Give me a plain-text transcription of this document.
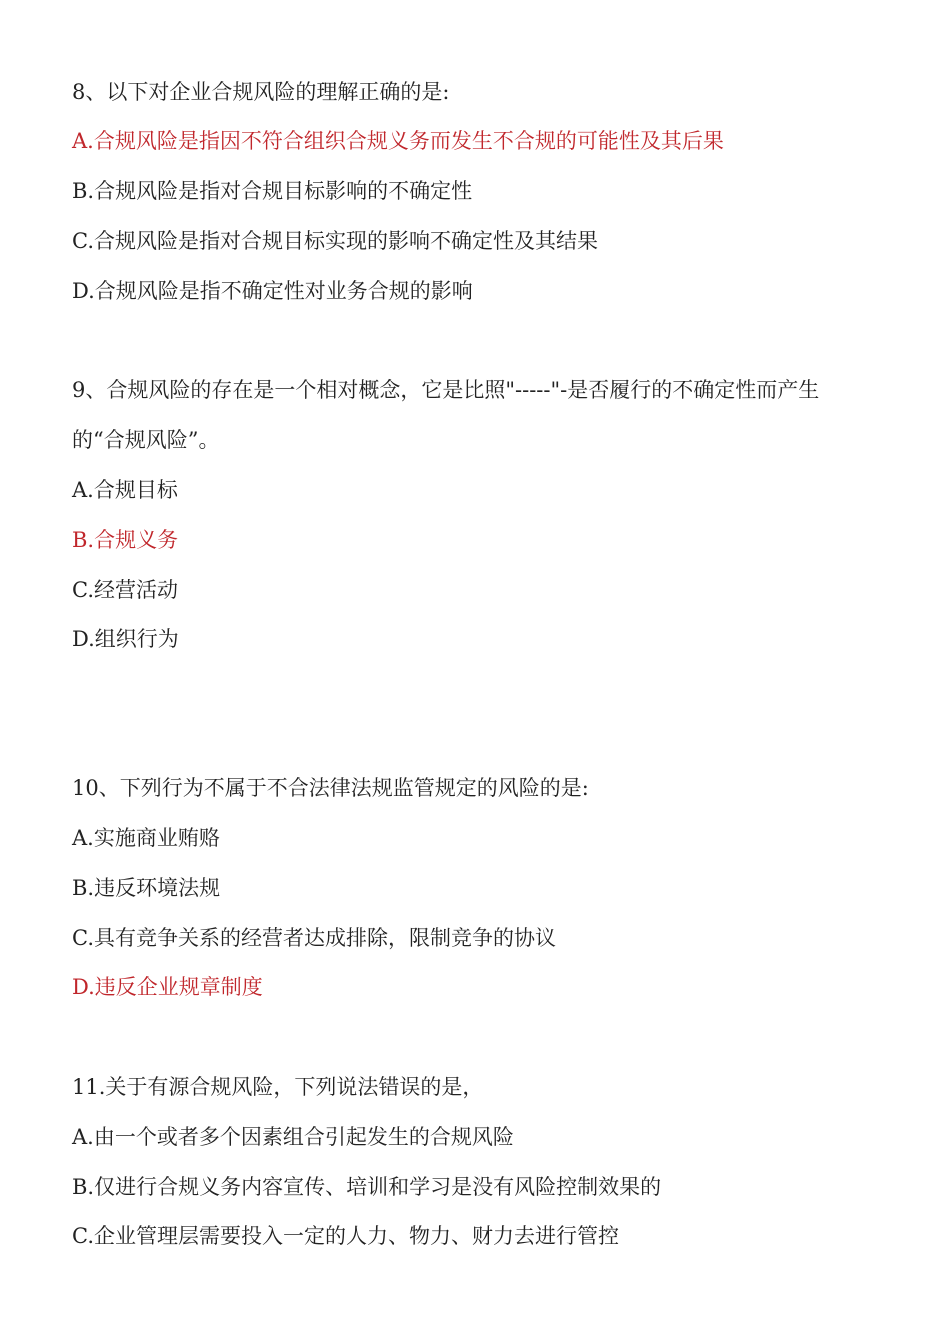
8、以下对企业合规风险的理解正确的是:
A.合规风险是指因不符合组织合规义务而发生不合规的可能性及其后果
B.合规风险是指对合规目标影响的不确定性
C.合规风险是指对合规目标实现的影响不确定性及其结果
D.合规风险是指不确定性对业务合规的影响
9、合规风险的存在是一个相对概念，它是比照"-----"-是否履行的不确定性而产生
的“合规风险”。
A.合规目标
B.合规义务
C.经营活动
D.组织行为
10、下列行为不属于不合法律法规监管规定的风险的是:
A.实施商业贿赂
B.违反环境法规
C.具有竞争关系的经营者达成排除，限制竞争的协议
D.违反企业规章制度
11.关于有源合规风险，下列说法错误的是，
A.由一个或者多个因素组合引起发生的合规风险
B.仅进行合规义务内容宣传、培训和学习是没有风险控制效果的
C.企业管理层需要投入一定的人力、物力、财力去进行管控
